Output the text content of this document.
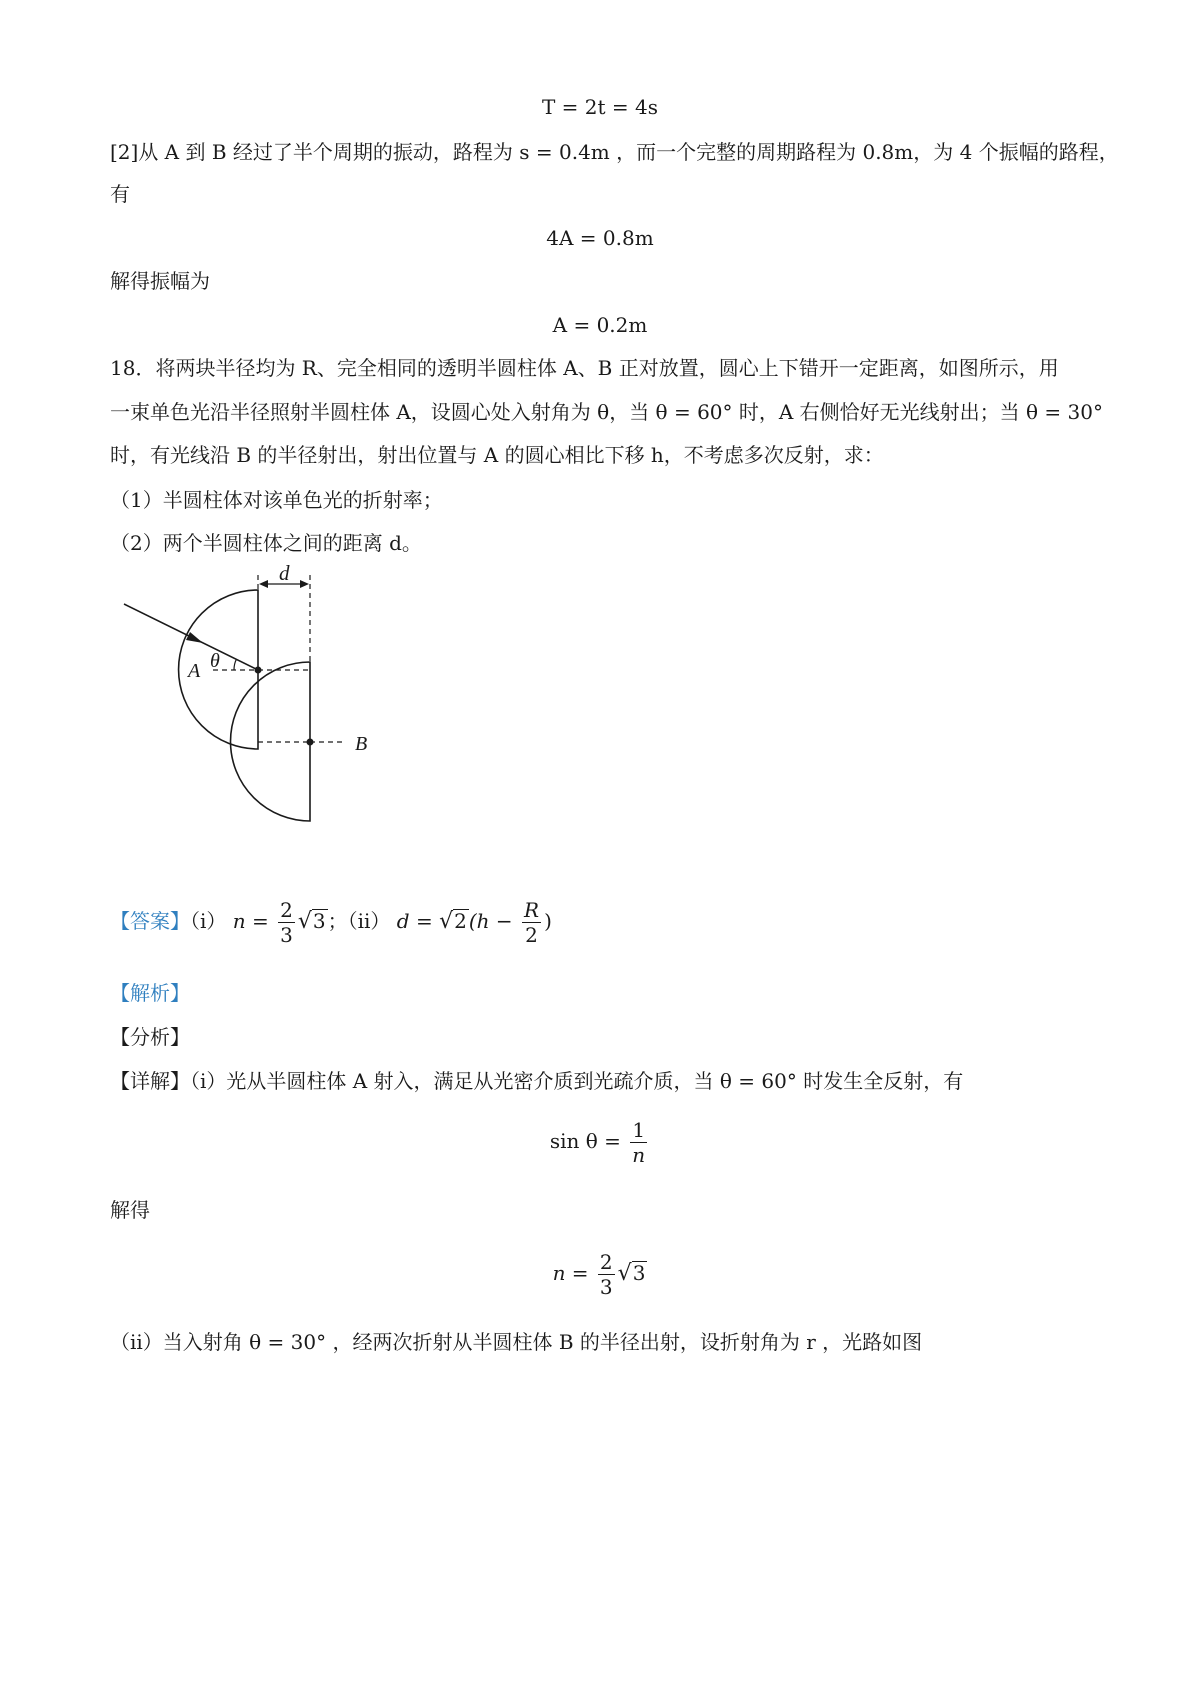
T = 2t = 4s
[2]从 A 到 B 经过了半个周期的振动，路程为 s = 0.4m ，而一个完整的周期路程为 0.8m，为 4 个振幅的路程，
有
4A = 0.8m
解得振幅为
A = 0.2m
18．将两块半径均为 R、完全相同的透明半圆柱体 A、B 正对放置，圆心上下错开一定距离，如图所示，用
一束单色光沿半径照射半圆柱体 A，设圆心处入射角为 θ，当 θ = 60° 时，A 右侧恰好无光线射出；当 θ = 30°
时，有光线沿 B 的半径射出，射出位置与 A 的圆心相比下移 h，不考虑多次反射，求：
（1）半圆柱体对该单色光的折射率；
（2）两个半圆柱体之间的距离 d。
d
θ
A
B
【答案】（i） $n = \frac{2}{3} √3$ ；（ii） d = √2 ($h - \frac{R}{2}$ )
【解析】
【分析】
【详解】（i）光从半圆柱体 A 射入，满足从光密介质到光疏介质，当 θ = 60° 时发生全反射，有
$\sin \theta = \frac{1}{n}$
解得
$n = \frac{2}{3} √3$
（ii）当入射角 θ = 30° ，经两次折射从半圆柱体 B 的半径出射，设折射角为 r ，光路如图
